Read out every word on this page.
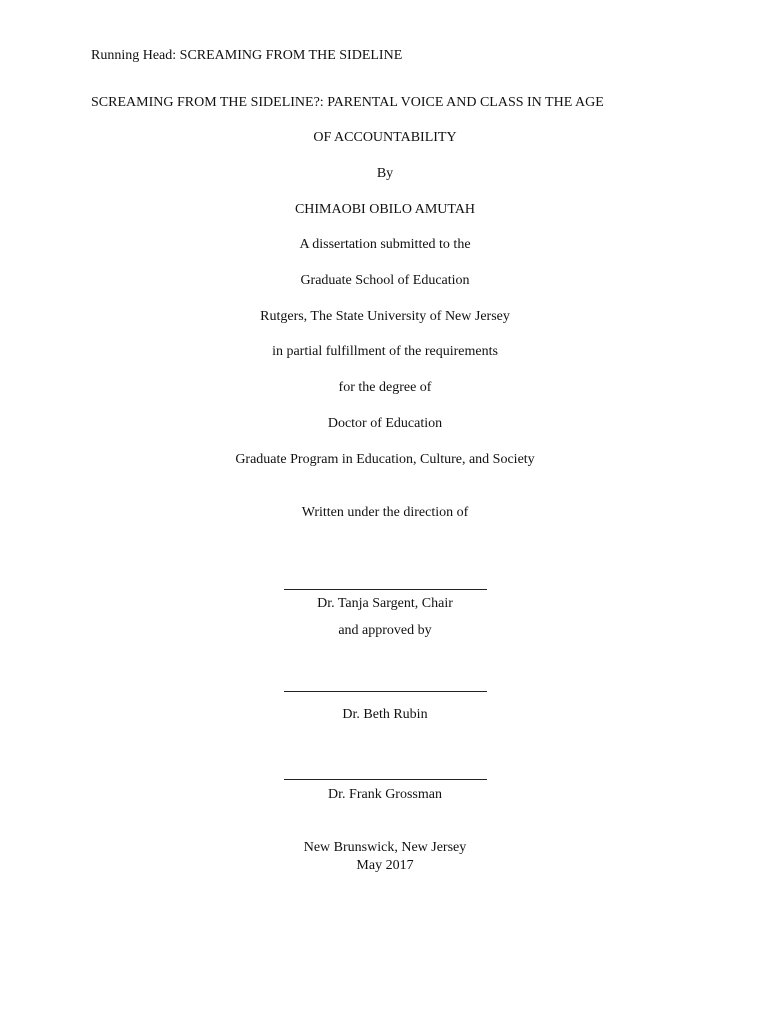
Running Head: SCREAMING FROM THE SIDELINE
SCREAMING FROM THE SIDELINE?: PARENTAL VOICE AND CLASS IN THE AGE
OF ACCOUNTABILITY
By
CHIMAOBI OBILO AMUTAH
A dissertation submitted to the
Graduate School of Education
Rutgers, The State University of New Jersey
in partial fulfillment of the requirements
for the degree of
Doctor of Education
Graduate Program in Education, Culture, and Society
Written under the direction of
Dr. Tanja Sargent, Chair
and approved by
Dr. Beth Rubin
Dr. Frank Grossman
New Brunswick, New Jersey
May 2017
